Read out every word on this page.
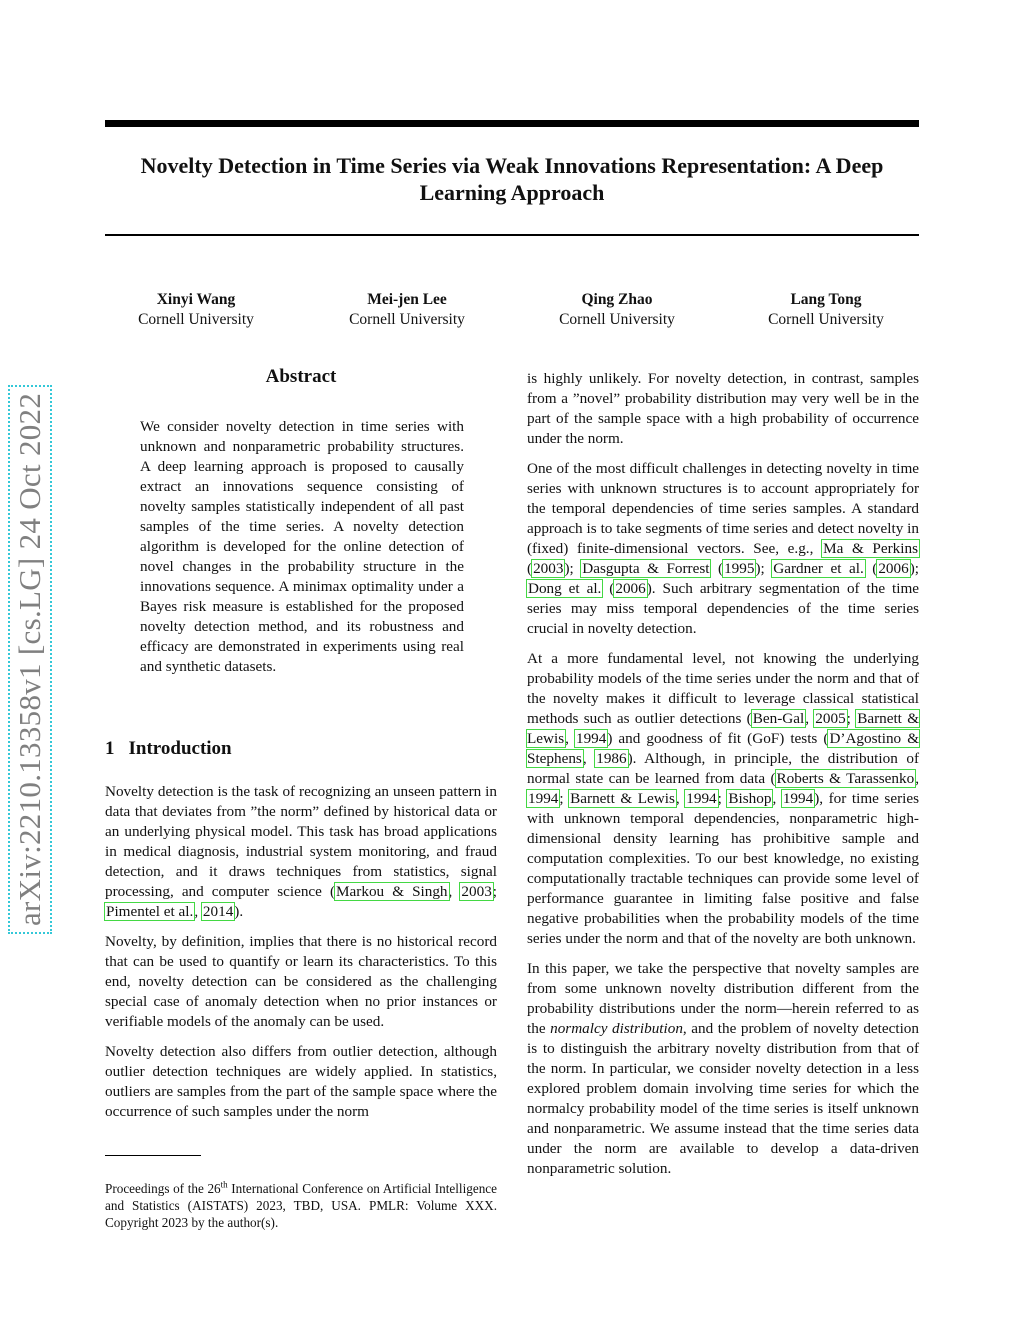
Novelty Detection in Time Series via Weak Innovations Representation: A Deep
Learning Approach
Xinyi Wang
Cornell University
Mei-jen Lee
Cornell University
Qing Zhao
Cornell University
Lang Tong
Cornell University
arXiv:2210.13358v1 [cs.LG] 24 Oct 2022
Abstract
We consider novelty detection in time series with unknown and nonparametric probability structures. A deep learning approach is proposed to causally extract an innovations sequence consisting of novelty samples statistically independent of all past samples of the time series. A novelty detection algorithm is developed for the online detection of novel changes in the probability structure in the innovations sequence. A minimax optimality under a Bayes risk measure is established for the proposed novelty detection method, and its robustness and efficacy are demonstrated in experiments using real and synthetic datasets.
1 Introduction

Novelty detection is the task of recognizing an unseen pattern in data that deviates from ”the norm” defined by historical data or an underlying physical model. This task has broad applications in medical diagnosis, industrial system monitoring, and fraud detection, and it draws techniques from statistics, signal processing, and computer science (Markou & Singh, 2003; Pimentel et al., 2014).

Novelty, by definition, implies that there is no historical record that can be used to quantify or learn its characteristics. To this end, novelty detection can be considered as the challenging special case of anomaly detection when no prior instances or verifiable models of the anomaly can be used.

Novelty detection also differs from outlier detection, although outlier detection techniques are widely applied. In statistics, outliers are samples from the part of the sample space where the occurrence of such samples under the norm

Proceedings of the 26th International Conference on Artificial Intelligence and Statistics (AISTATS) 2023, TBD, USA. PMLR: Volume XXX. Copyright 2023 by the author(s).

is highly unlikely. For novelty detection, in contrast, samples from a ”novel” probability distribution may very well be in the part of the sample space with a high probability of occurrence under the norm.

One of the most difficult challenges in detecting novelty in time series with unknown structures is to account appropriately for the temporal dependencies of time series samples. A standard approach is to take segments of time series and detect novelty in (fixed) finite-dimensional vectors. See, e.g., Ma & Perkins (2003); Dasgupta & Forrest (1995); Gardner et al. (2006); Dong et al. (2006). Such arbitrary segmentation of the time series may miss temporal dependencies of the time series crucial in novelty detection.

At a more fundamental level, not knowing the underlying probability models of the time series under the norm and that of the novelty makes it difficult to leverage classical statistical methods such as outlier detections (Ben-Gal, 2005; Barnett & Lewis, 1994) and goodness of fit (GoF) tests (D’Agostino & Stephens, 1986). Although, in principle, the distribution of normal state can be learned from data (Roberts & Tarassenko, 1994; Barnett & Lewis, 1994; Bishop, 1994), for time series with unknown temporal dependencies, nonparametric high-dimensional density learning has prohibitive sample and computation complexities. To our best knowledge, no existing computationally tractable techniques can provide some level of performance guarantee in limiting false positive and false negative probabilities when the probability models of the time series under the norm and that of the novelty are both unknown.

In this paper, we take the perspective that novelty samples are from some unknown novelty distribution different from the probability distributions under the norm—herein referred to as the normalcy distribution, and the problem of novelty detection is to distinguish the arbitrary novelty distribution from that of the norm. In particular, we consider novelty detection in a less explored problem domain involving time series for which the normalcy probability model of the time series is itself unknown and nonparametric. We assume instead that the time series data under the norm are available to develop a data-driven nonparametric solution.
